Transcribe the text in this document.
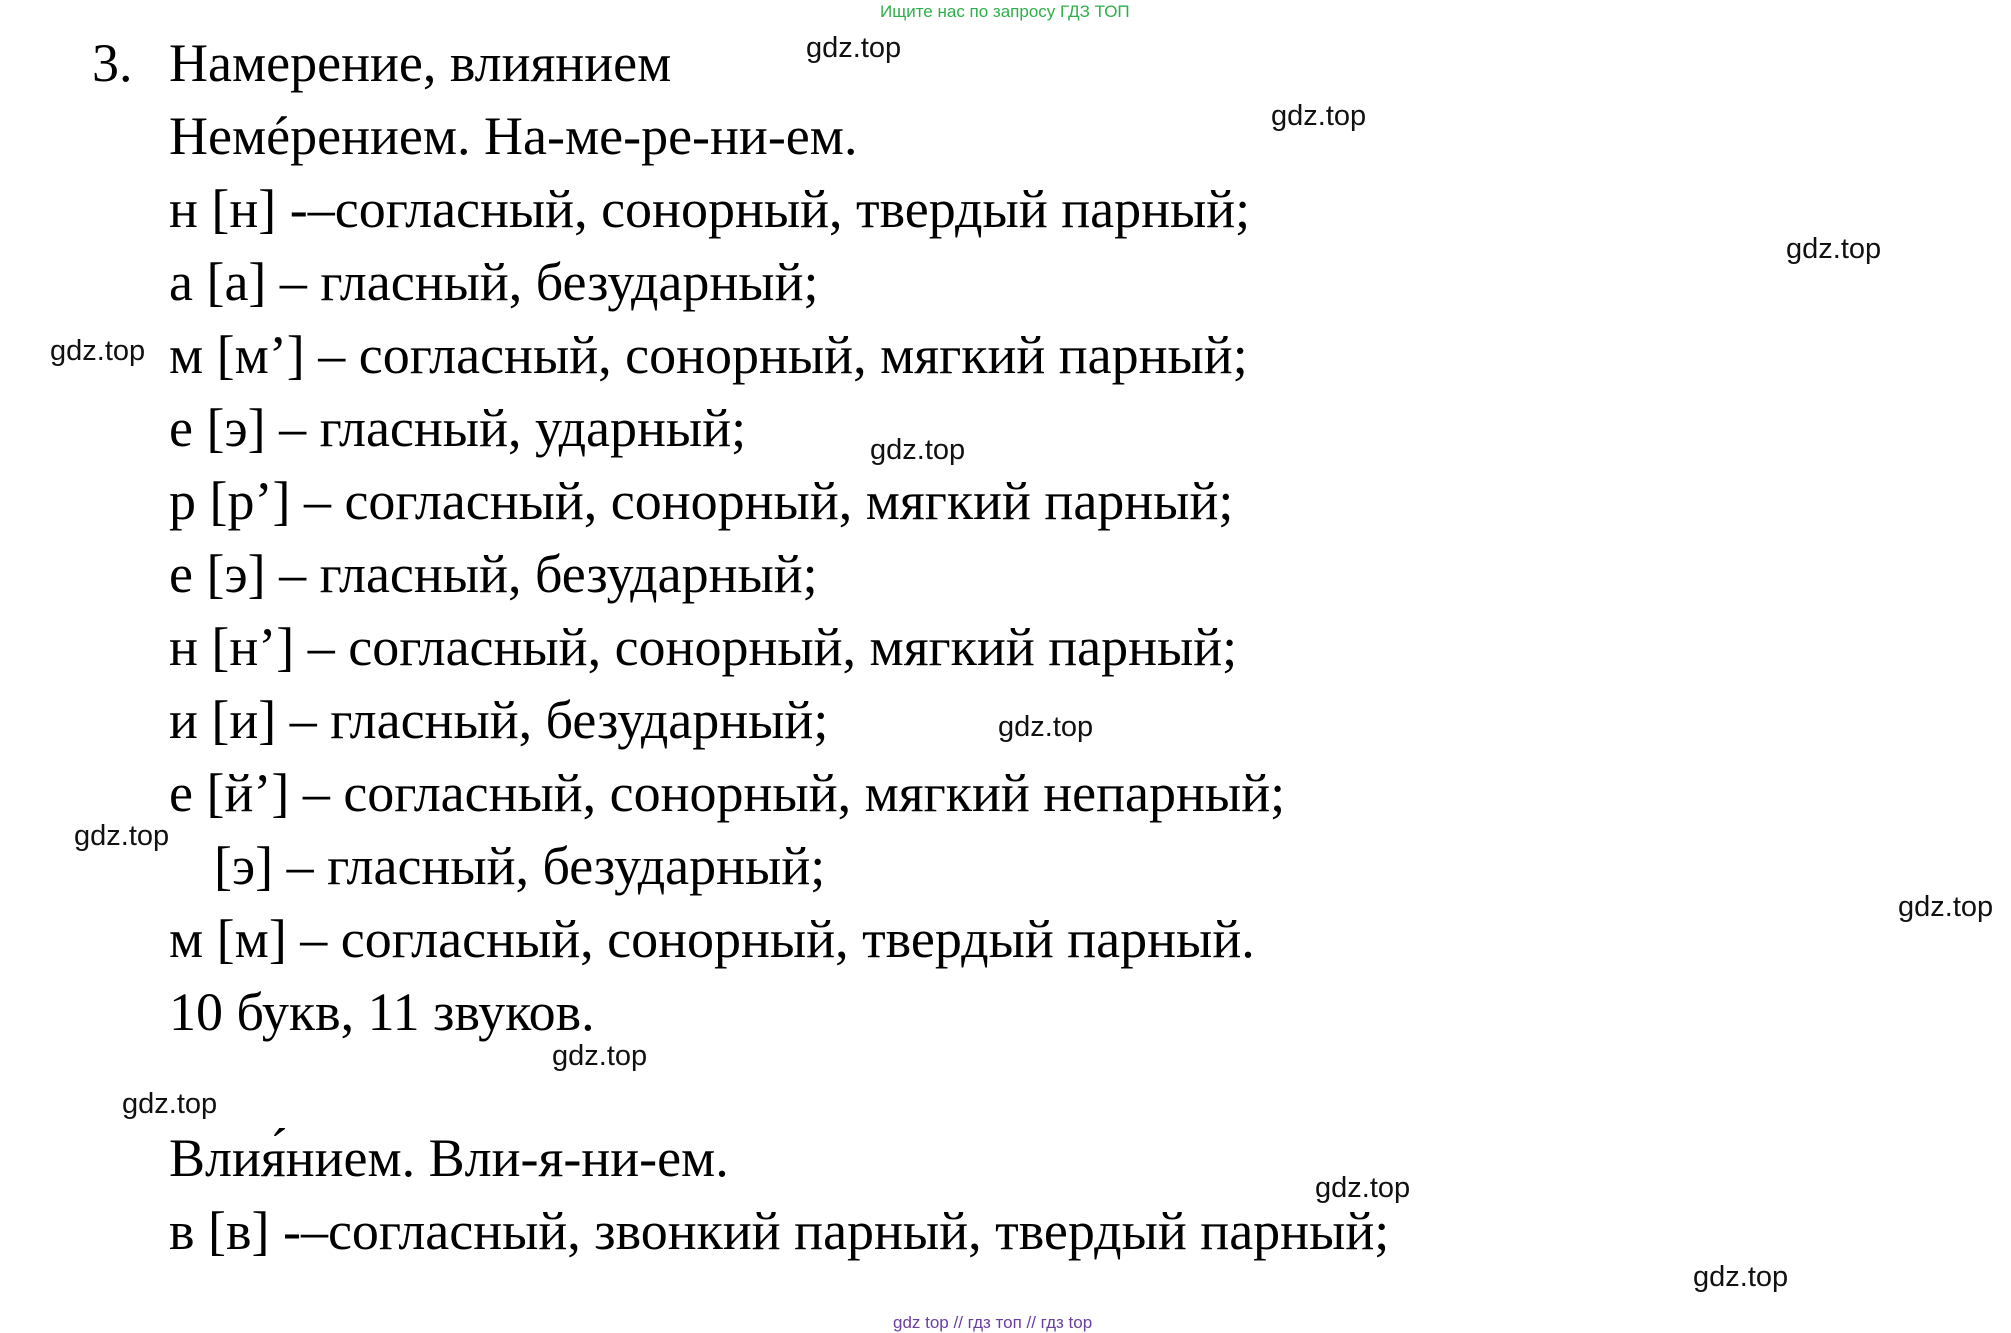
Ищите нас по запросу ГДЗ ТОП
3. Намерение, влиянием
Немéрением. На-ме-ре-ни-ем.
н [н] -–согласный, сонорный, твердый парный;
а [а] – гласный, безударный;
м [м’] – согласный, сонорный, мягкий парный;
е [э] – гласный, ударный;
р [р’] – согласный, сонорный, мягкий парный;
е [э] – гласный, безударный;
н [н’] – согласный, сонорный, мягкий парный;
и [и] – гласный, безударный;
е [й’] – согласный, сонорный, мягкий непарный;
[э] – гласный, безударный;
м [м] – согласный, сонорный, твердый парный.
10 букв, 11 звуков.
Влия́нием. Вли-я-ни-ем.
в [в] -–согласный, звонкий парный, твердый парный;
gdz.top
gdz.top
gdz.top
gdz.top
gdz.top
gdz.top
gdz.top
gdz.top
gdz.top
gdz.top
gdz.top
gdz.top
gdz top // гдз топ // гдз top
